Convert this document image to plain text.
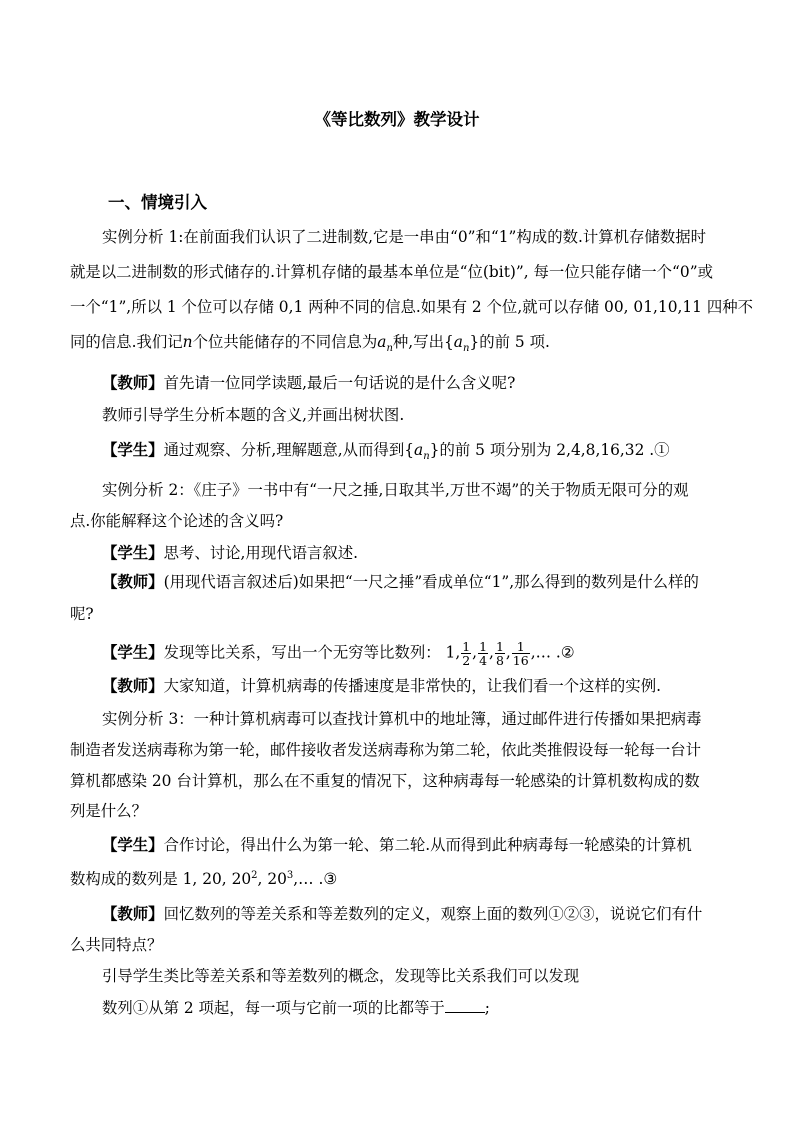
《等比数列》教学设计
一、情境引入
实例分析 1:在前面我们认识了二进制数,它是一串由“0”和“1”构成的数.计算机存储数据时
就是以二进制数的形式储存的.计算机存储的最基本单位是“位(bit)”, 每一位只能存储一个“0”或
一个“1”,所以 1 个位可以存储 0,1 两种不同的信息.如果有 2 个位,就可以存储 00, 01,10,11 四种不
同的信息.我们记n个位共能储存的不同信息为$a_n$种,写出$\{a_n\}$的前 5 项.
【教师】首先请一位同学读题,最后一句话说的是什么含义呢?
教师引导学生分析本题的含义,并画出树状图.
【学生】通过观察、分析,理解题意,从而得到$\{a_n\}$的前 5 项分别为 2,4,8,16,32 .①
实例分析 2：《庄子》一书中有“一尺之捶,日取其半,万世不竭”的关于物质无限可分的观
点.你能解释这个论述的含义吗?
【学生】思考、讨论,用现代语言叙述.
【教师】(用现代语言叙述后)如果把“一尺之捶”看成单位“1”,那么得到的数列是什么样的
呢?
【学生】发现等比关系，写出一个无穷等比数列： 1, $\frac{1}{2}$ , $\frac{1}{4}$ , $\frac{1}{8}$ , $\frac{1}{16}$ ,… .②
【教师】大家知道，计算机病毒的传播速度是非常快的，让我们看一个这样的实例.
实例分析 3：一种计算机病毒可以查找计算机中的地址簿，通过邮件进行传播如果把病毒
制造者发送病毒称为第一轮，邮件接收者发送病毒称为第二轮，依此类推假设每一轮每一台计
算机都感染 20 台计算机，那么在不重复的情况下，这种病毒每一轮感染的计算机数构成的数
列是什么？
【学生】合作讨论，得出什么为第一轮、第二轮.从而得到此种病毒每一轮感染的计算机
数构成的数列是 1, 20, $20^2$, $20^3,\dots$ .③
【教师】回忆数列的等差关系和等差数列的定义，观察上面的数列①②③，说说它们有什
么共同特点？
引导学生类比等差关系和等差数列的概念，发现等比关系我们可以发现
数列①从第 2 项起，每一项与它前一项的比都等于	;
